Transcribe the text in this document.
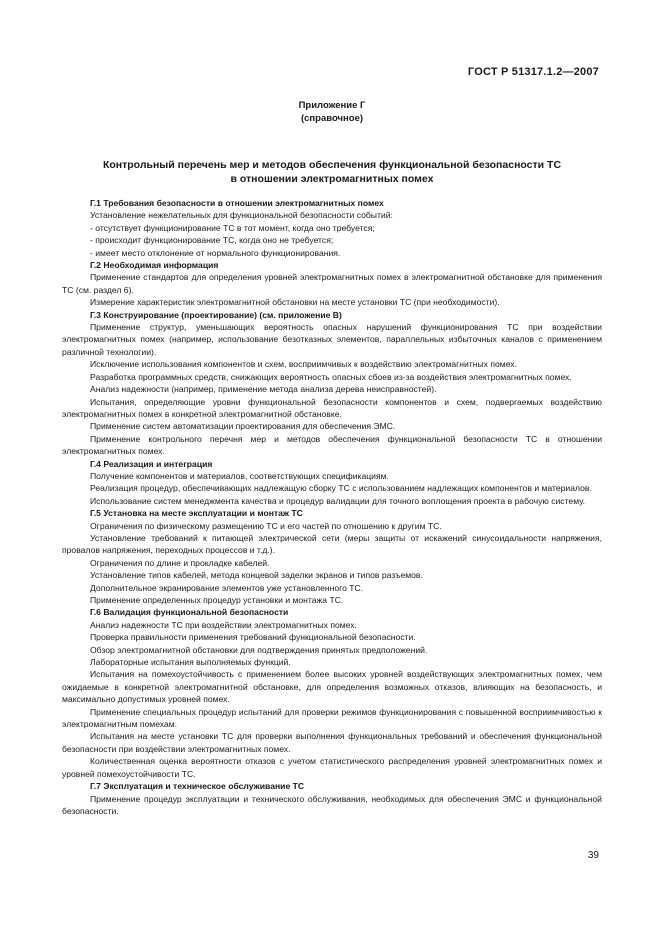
ГОСТ Р 51317.1.2—2007
Приложение Г
(справочное)
Контрольный перечень мер и методов обеспечения функциональной безопасности ТС
в отношении электромагнитных помех
Г.1 Требования безопасности в отношении электромагнитных помех

Установление нежелательных для функциональной безопасности событий:

- отсутствует функционирование ТС в тот момент, когда оно требуется;

- происходит функционирование ТС, когда оно не требуется;

- имеет место отклонение от нормального функционирования.

Г.2 Необходимая информация

Применение стандартов для определения уровней электромагнитных помех в электромагнитной обстановке для применения ТС (см. раздел 6).

Измерение характеристик электромагнитной обстановки на месте установки ТС (при необходимости).

Г.3 Конструирование (проектирование) (см. приложение В)

Применение структур, уменьшающих вероятность опасных нарушений функционирования ТС при воздействии электромагнитных помех (например, использование безотказных элементов, параллельных избыточных каналов с применением различной технологии).

Исключение использования компонентов и схем, восприимчивых к воздействию электромагнитных помех.

Разработка программных средств, снижающих вероятность опасных сбоев из-за воздействия электромагнитных помех.

Анализ надежности (например, применение метода анализа дерева неисправностей).

Испытания, определяющие уровни функциональной безопасности компонентов и схем, подвергаемых воздействию электромагнитных помех в конкретной электромагнитной обстановке.

Применение систем автоматизации проектирования для обеспечения ЭМС.

Применение контрольного перечня мер и методов обеспечения функциональной безопасности ТС в отношении электромагнитных помех.

Г.4 Реализация и интеграция

Получение компонентов и материалов, соответствующих спецификациям.

Реализация процедур, обеспечивающих надлежащую сборку ТС с использованием надлежащих компонентов и материалов.

Использование систем менеджмента качества и процедур валидации для точного воплощения проекта в рабочую систему.

Г.5 Установка на месте эксплуатации и монтаж ТС

Ограничения по физическому размещению ТС и его частей по отношению к другим ТС.

Установление требований к питающей электрической сети (меры защиты от искажений синусоидальности напряжения, провалов напряжения, переходных процессов и т.д.).

Ограничения по длине и прокладке кабелей.

Установление типов кабелей, метода концевой заделки экранов и типов разъемов.

Дополнительное экранирование элементов уже установленного ТС.

Применение определенных процедур установки и монтажа ТС.

Г.6 Валидация функциональной безопасности

Анализ надежности ТС при воздействии электромагнитных помех.

Проверка правильности применения требований функциональной безопасности.

Обзор электромагнитной обстановки для подтверждения принятых предположений.

Лабораторные испытания выполняемых функций.

Испытания на помехоустойчивость с применением более высоких уровней воздействующих электромагнитных помех, чем ожидаемые в конкретной электромагнитной обстановке, для определения возможных отказов, влияющих на безопасность, и максимально допустимых уровней помех.

Применение специальных процедур испытаний для проверки режимов функционирования с повышенной восприимчивостью к электромагнитным помехам.

Испытания на месте установки ТС для проверки выполнения функциональных требований и обеспечения функциональной безопасности при воздействии электромагнитных помех.

Количественная оценка вероятности отказов с учетом статистического распределения уровней электромагнитных помех и уровней помехоустойчивости ТС.

Г.7 Эксплуатация и техническое обслуживание ТС

Применение процедур эксплуатации и технического обслуживания, необходимых для обеспечения ЭМС и функциональной безопасности.

39
